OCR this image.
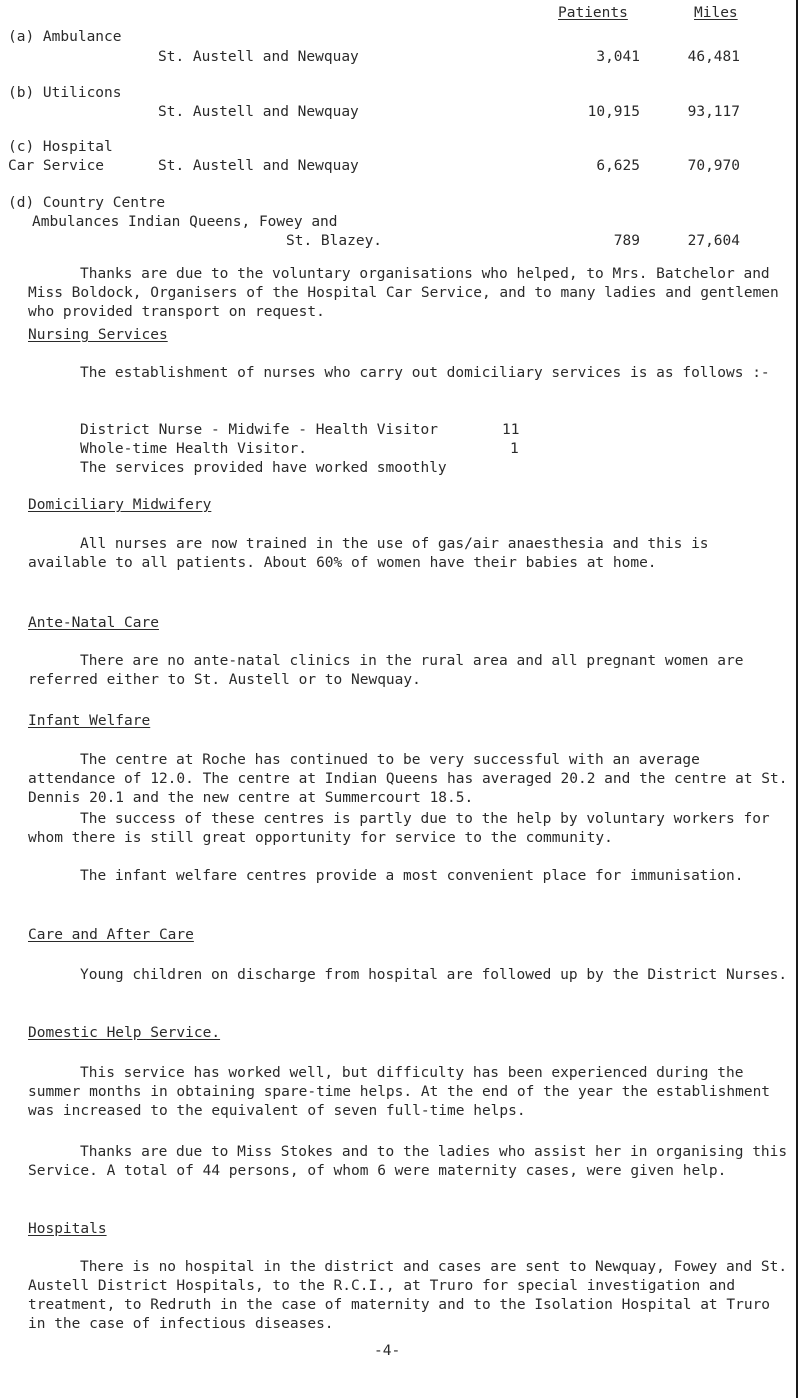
Patients	Miles
(a) Ambulance
St. Austell and Newquay	3,041	46,481
(b) Utilicons
St. Austell and Newquay	10,915	93,117
(c) Hospital
Car Service	St. Austell and Newquay	6,625	70,970
(d) Country Centre
Ambulances Indian Queens, Fowey and
St. Blazey.	789	27,604
Thanks are due to the voluntary organisations who helped, to Mrs. Batchelor and Miss Boldock, Organisers of the Hospital Car Service, and to many ladies and gentlemen who provided transport on request.
Nursing Services
The establishment of nurses who carry out domiciliary services is as follows :-
District Nurse - Midwife - Health Visitor	11
Whole-time Health Visitor.	1
The services provided have worked smoothly
Domiciliary Midwifery
All nurses are now trained in the use of gas/air anaesthesia and this is available to all patients. About 60% of women have their babies at home.
Ante-Natal Care
There are no ante-natal clinics in the rural area and all pregnant women are referred either to St. Austell or to Newquay.
Infant Welfare
The centre at Roche has continued to be very successful with an average attendance of 12.0. The centre at Indian Queens has averaged 20.2 and the centre at St. Dennis 20.1 and the new centre at Summercourt 18.5.
The success of these centres is partly due to the help by voluntary workers for whom there is still great opportunity for service to the community.
The infant welfare centres provide a most convenient place for immunisation.
Care and After Care
Young children on discharge from hospital are followed up by the District Nurses.
Domestic Help Service.
This service has worked well, but difficulty has been experienced during the summer months in obtaining spare-time helps. At the end of the year the establishment was increased to the equivalent of seven full-time helps.
Thanks are due to Miss Stokes and to the ladies who assist her in organising this Service. A total of 44 persons, of whom 6 were maternity cases, were given help.
Hospitals
There is no hospital in the district and cases are sent to Newquay, Fowey and St. Austell District Hospitals, to the R.C.I., at Truro for special investigation and treatment, to Redruth in the case of maternity and to the Isolation Hospital at Truro in the case of infectious diseases.
-4-
